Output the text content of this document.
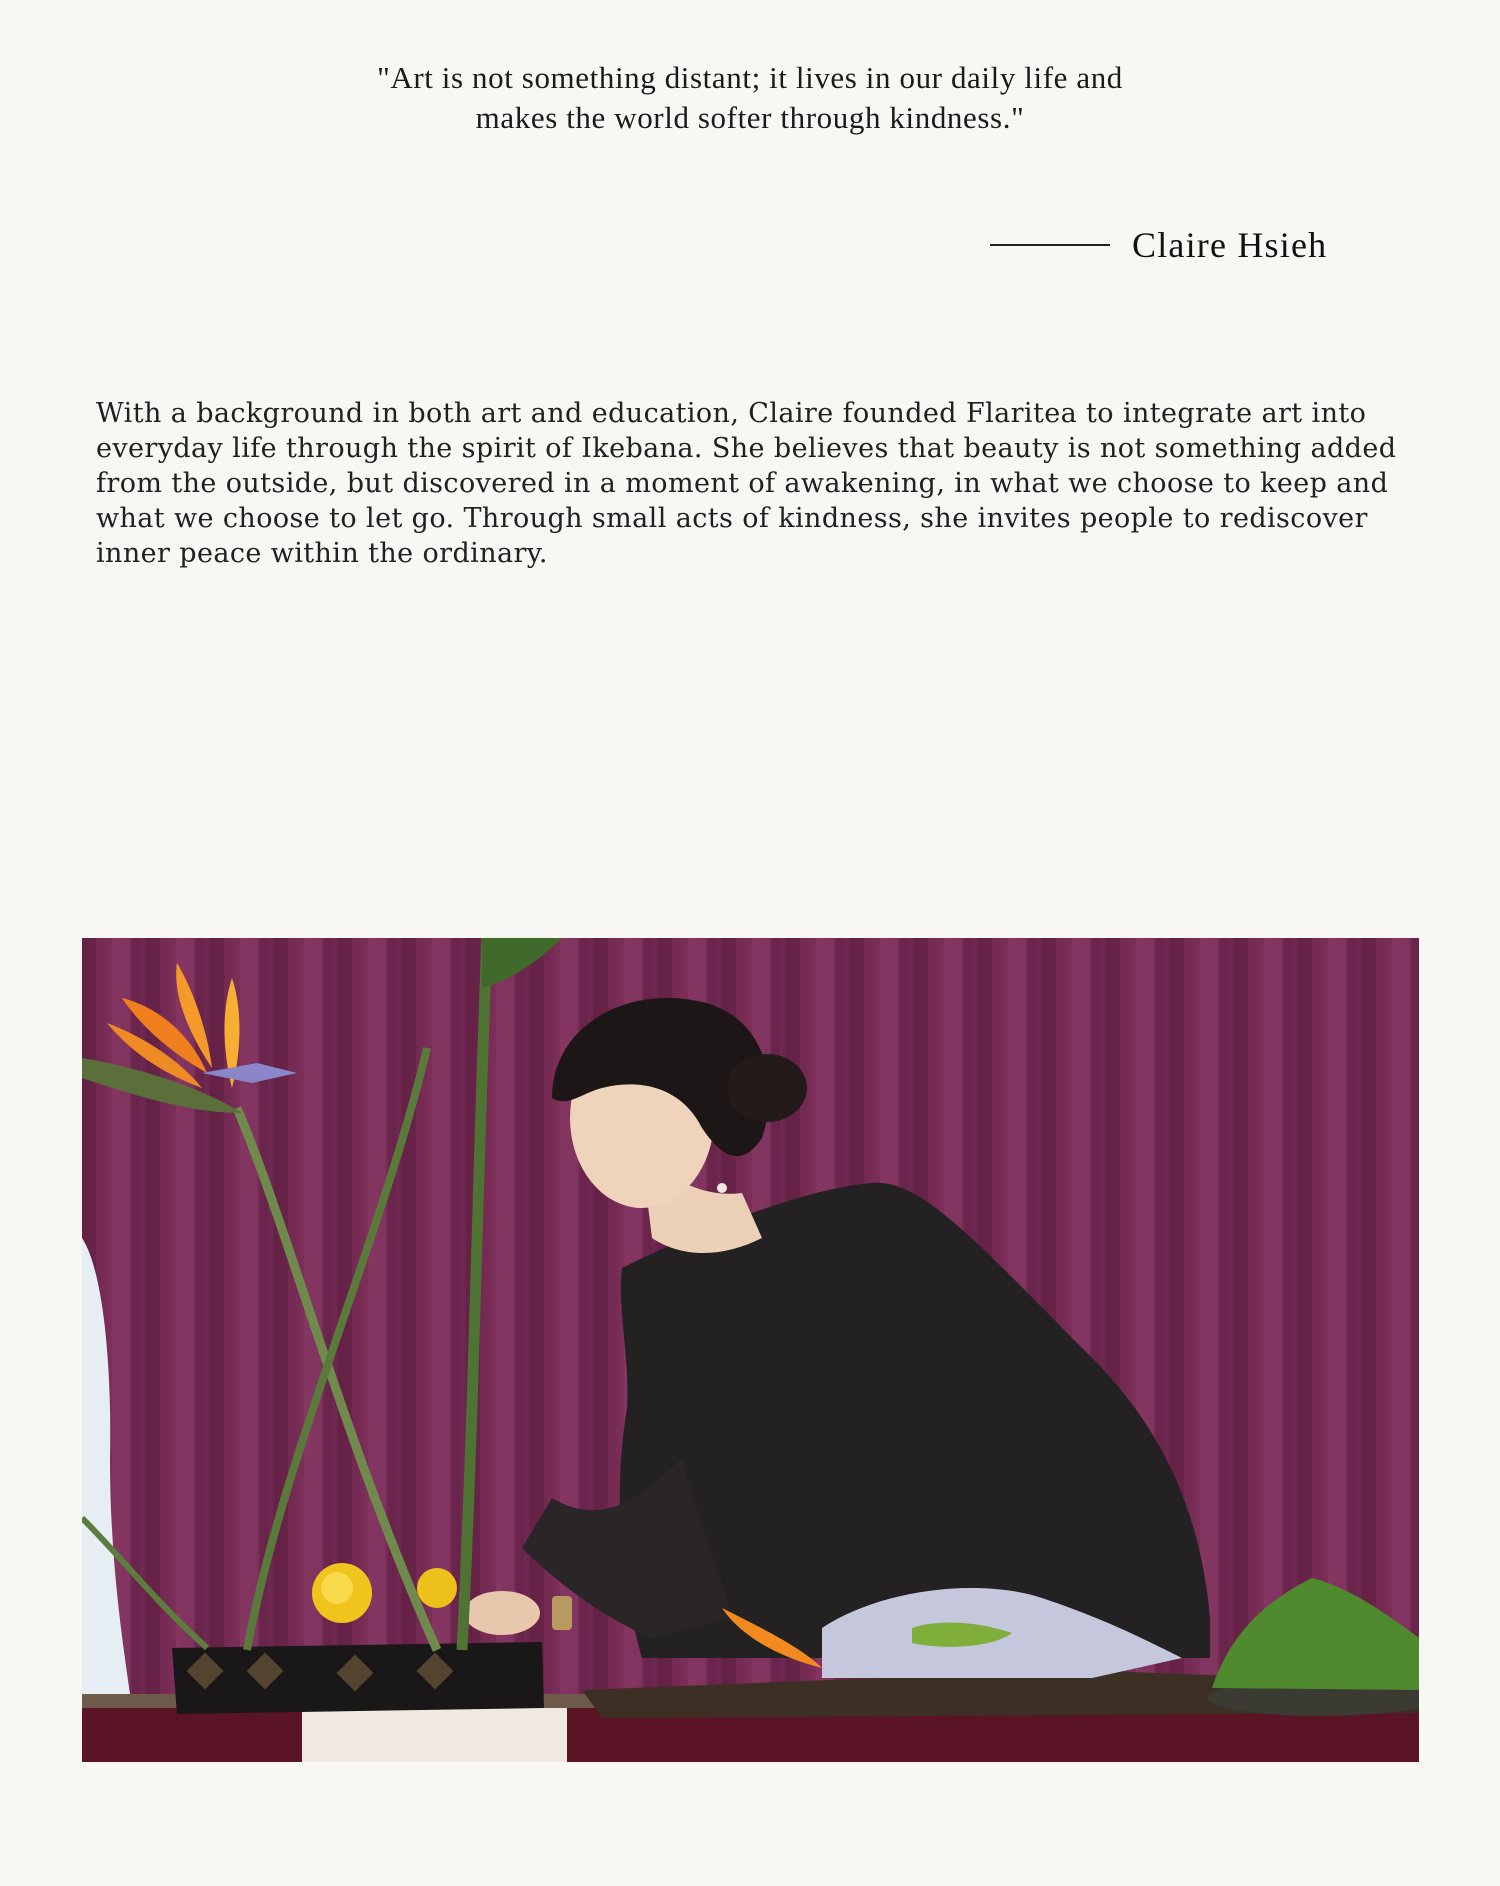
"Art is not something distant; it lives in our daily life and
makes the world softer through kindness."
Claire Hsieh
With a background in both art and education, Claire founded Flaritea to integrate art into everyday life through the spirit of Ikebana. She believes that beauty is not something added from the outside, but discovered in a moment of awakening, in what we choose to keep and what we choose to let go. Through small acts of kindness, she invites people to rediscover inner peace within the ordinary.
